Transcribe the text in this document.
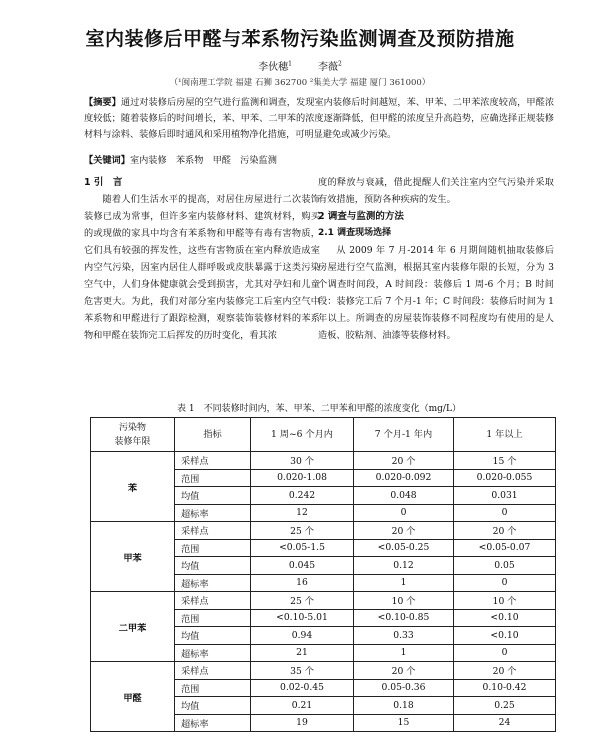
室内装修后甲醛与苯系物污染监测调查及预防措施
李伙穗$^1$	李薇$^2$
（¹闽南理工学院 福建 石狮 362700 ²集美大学 福建 厦门 361000）
【摘要】通过对装修后房屋的空气进行监测和调查，发现室内装修后时间越短，苯、甲苯、二甲苯浓度较高，甲醛浓度较低；随着装修后的时间增长，苯、甲苯、二甲苯的浓度逐渐降低，但甲醛的浓度呈升高趋势，应确选择正规装修材料与涂料、装修后即时通风和采用植物净化措施，可明显避免或减少污染。
【关键词】室内装修　苯系物　甲醛　污染监测
1 引　言
随着人们生活水平的提高，对居住房屋进行二次装饰装修已成为常事，但许多室内装修材料、建筑材料，购买的或现做的家具中均含有苯系物和甲醛等有毒有害物质，它们具有较强的挥发性，这些有害物质在室内释放造成室内空气污染，因室内居住人群呼吸或皮肤暴露于这类污染空气中，人们身体健康就会受到损害，尤其对孕妇和儿童危害更大。为此，我们对部分室内装修完工后室内空气中苯系物和甲醛进行了跟踪检测，观察装饰装修材料的苯系物和甲醛在装饰完工后挥发的历时变化，看其浓
度的释放与衰减，借此提醒人们关注室内空气污染并采取有效措施，预防各种疾病的发生。
2 调查与监测的方法
2.1 调查现场选择
从 2009 年 7 月-2014 年 6 月期间随机抽取装修后房屋进行空气监测，根据其室内装修年限的长短，分为 3 个调查时间段，A 时间段：装修后 1 周-6 个月；B 时间段：装修完工后 7 个月-1 年；C 时间段：装修后时间为 1 年以上。所调查的房屋装饰装修不同程度均有使用的是人造板、胶粘剂、油漆等装修材料。
表 1　不同装修时间内，苯、甲苯、二甲苯和甲醛的浓度变化（mg/L）
污染物
装修年限	指标	1 周~6 个月内	7 个月-1 年内	1 年以上
苯	采样点	30 个	20 个	15 个
	范围	0.020-1.08	0.020-0.092	0.020-0.055
	均值	0.242	0.048	0.031
	超标率	12	0	0
甲苯	采样点	25 个	20 个	20 个
	范围	<0.05-1.5	<0.05-0.25	<0.05-0.07
	均值	0.045	0.12	0.05
	超标率	16	1	0
二甲苯	采样点	25 个	10 个	10 个
	范围	<0.10-5.01	<0.10-0.85	<0.10
	均值	0.94	0.33	<0.10
	超标率	21	1	0
甲醛	采样点	35 个	20 个	20 个
	范围	0.02-0.45	0.05-0.36	0.10-0.42
	均值	0.21	0.18	0.25
	超标率	19	15	24
